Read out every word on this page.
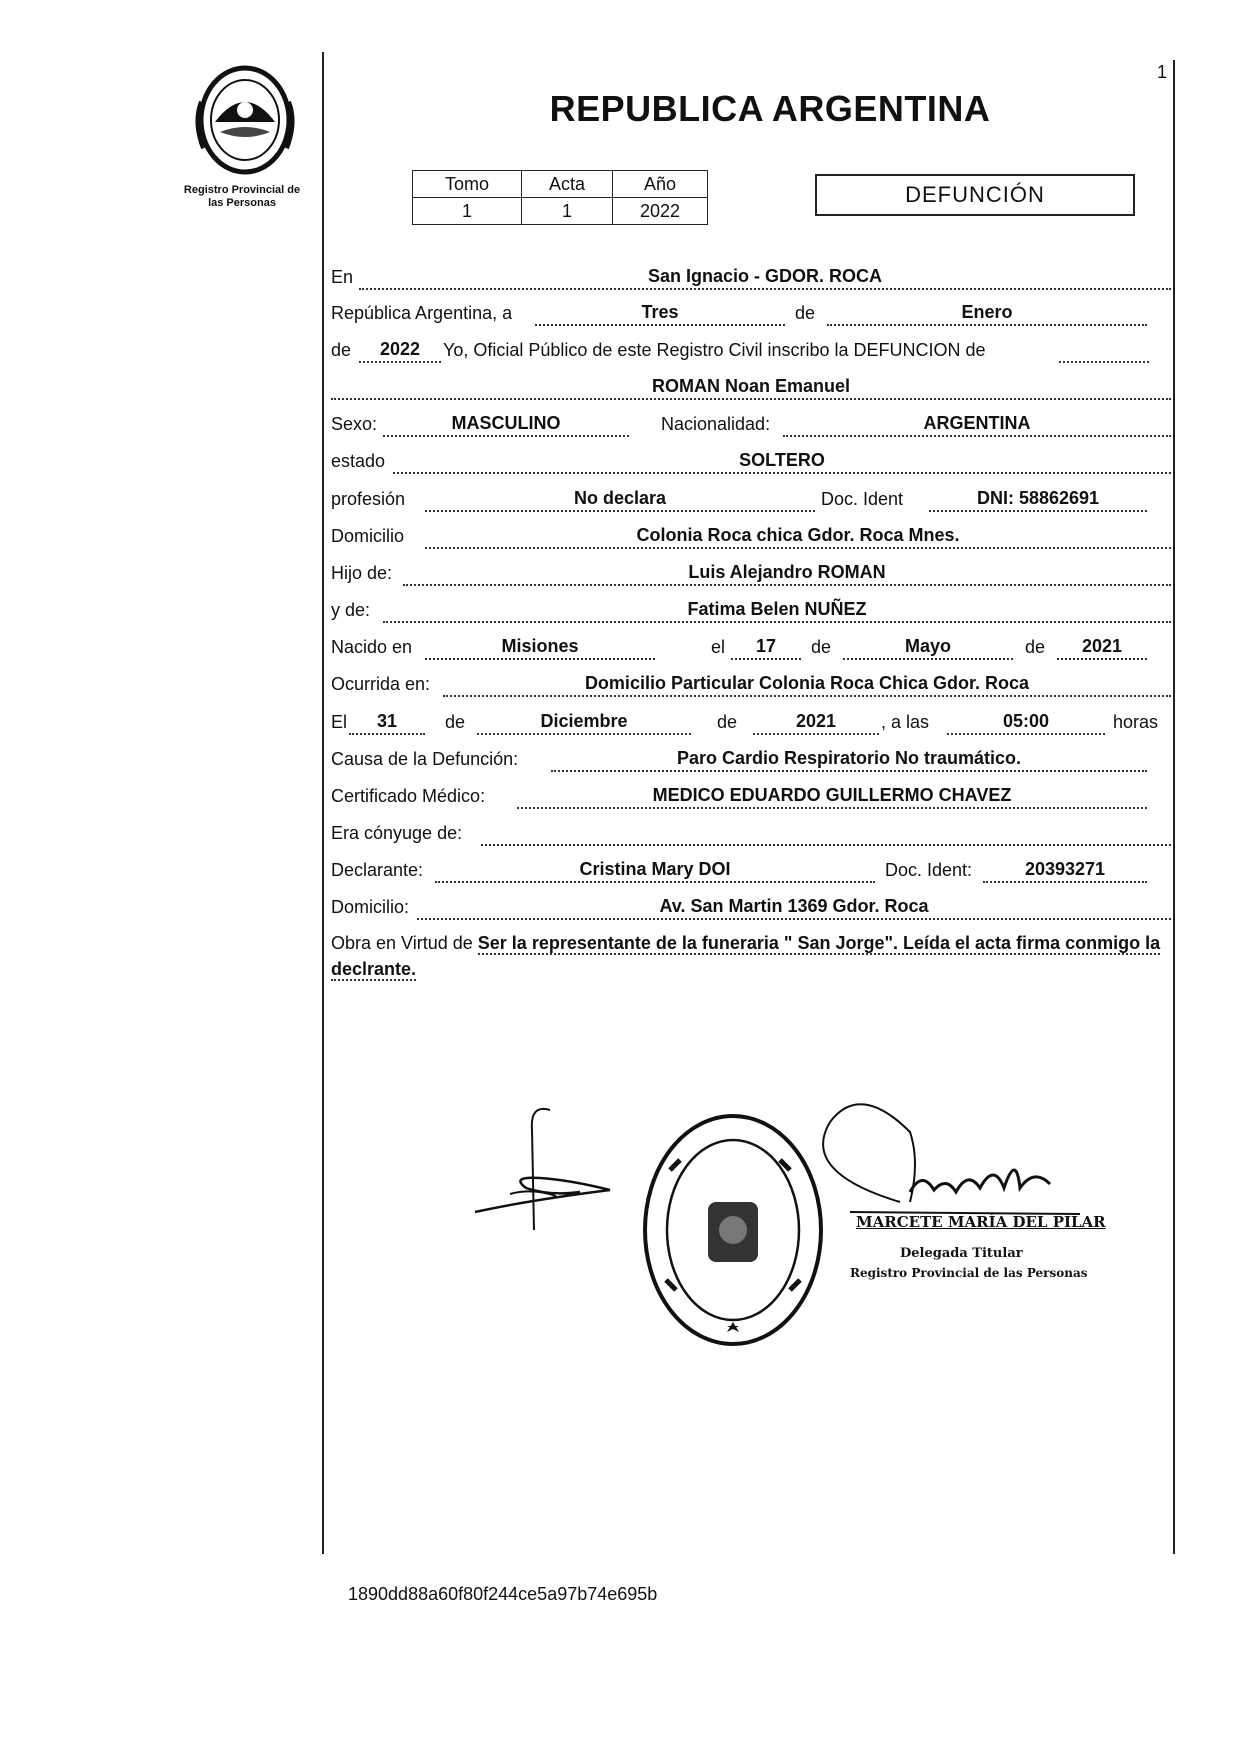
Registro Provincial de
las Personas
1
REPUBLICA ARGENTINA
Tomo	Acta	Año
1	1	2022
DEFUNCIÓN
En	San Ignacio - GDOR. ROCA
República Argentina, a	Tres	de	Enero
de	2022	Yo, Oficial Público de este Registro Civil inscribo la DEFUNCION de
ROMAN Noan Emanuel
Sexo:	MASCULINO	Nacionalidad:	ARGENTINA
estado	SOLTERO
profesión	No declara	Doc. Ident	DNI: 58862691
Domicilio	Colonia Roca chica Gdor. Roca Mnes.
Hijo de:	Luis Alejandro ROMAN
y de:	Fatima Belen NUÑEZ
Nacido en	Misiones	el	17	de	Mayo	de	2021
Ocurrida en:	Domicilio Particular Colonia Roca Chica Gdor. Roca
El	31	de	Diciembre	de	2021	, a las	05:00	horas
Causa de la Defunción:	Paro Cardio Respiratorio No traumático.
Certificado Médico:	MEDICO EDUARDO GUILLERMO CHAVEZ
Era cónyuge de:
Declarante:	Cristina Mary DOI	Doc. Ident:	20393271
Domicilio:	Av. San Martin 1369 Gdor. Roca
Obra en Virtud de Ser la representante de la funeraria " San Jorge". Leída el acta firma conmigo la declrante.
MARCETE MARÍA DEL PILAR
Delegada Titular
Registro Provincial de las Personas
1890dd88a60f80f244ce5a97b74e695b
